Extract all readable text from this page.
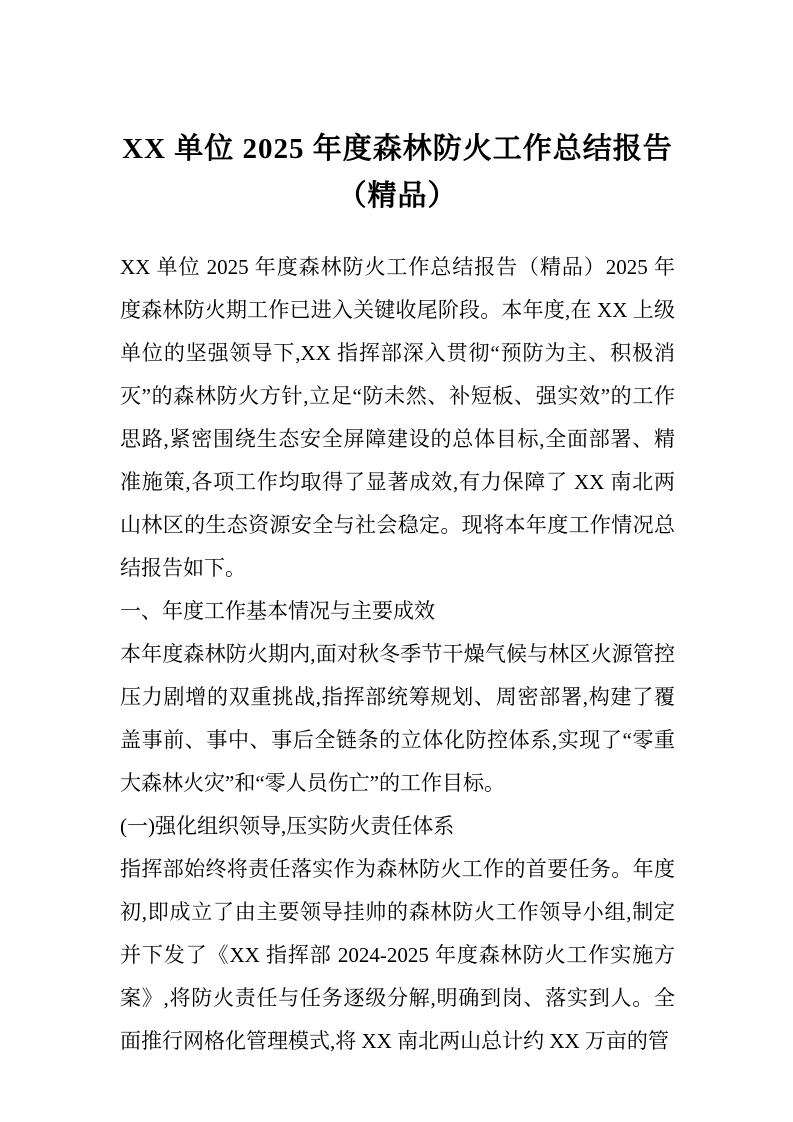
XX 单位 2025 年度森林防火工作总结报告
（精品）

XX 单位 2025 年度森林防火工作总结报告（精品）2025 年度森林防火期工作已进入关键收尾阶段。本年度,在 XX 上级单位的坚强领导下,XX 指挥部深入贯彻“预防为主、积极消灭”的森林防火方针,立足“防未然、补短板、强实效”的工作思路,紧密围绕生态安全屏障建设的总体目标,全面部署、精准施策,各项工作均取得了显著成效,有力保障了 XX 南北两山林区的生态资源安全与社会稳定。现将本年度工作情况总结报告如下。

一、年度工作基本情况与主要成效

本年度森林防火期内,面对秋冬季节干燥气候与林区火源管控压力剧增的双重挑战,指挥部统筹规划、周密部署,构建了覆盖事前、事中、事后全链条的立体化防控体系,实现了“零重大森林火灾”和“零人员伤亡”的工作目标。

(一)强化组织领导,压实防火责任体系

指挥部始终将责任落实作为森林防火工作的首要任务。年度初,即成立了由主要领导挂帅的森林防火工作领导小组,制定并下发了《XX 指挥部 2024-2025 年度森林防火工作实施方案》,将防火责任与任务逐级分解,明确到岗、落实到人。全面推行网格化管理模式,将 XX 南北两山总计约 XX 万亩的管
